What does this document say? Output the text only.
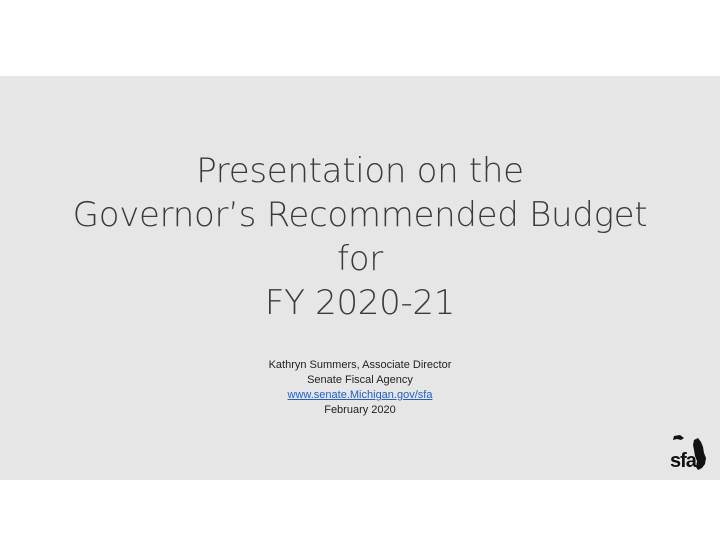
Presentation on the
Governor’s Recommended Budget
for
FY 2020-21
Kathryn Summers, Associate Director
Senate Fiscal Agency
www.senate.Michigan.gov/sfa
February 2020
sfa
